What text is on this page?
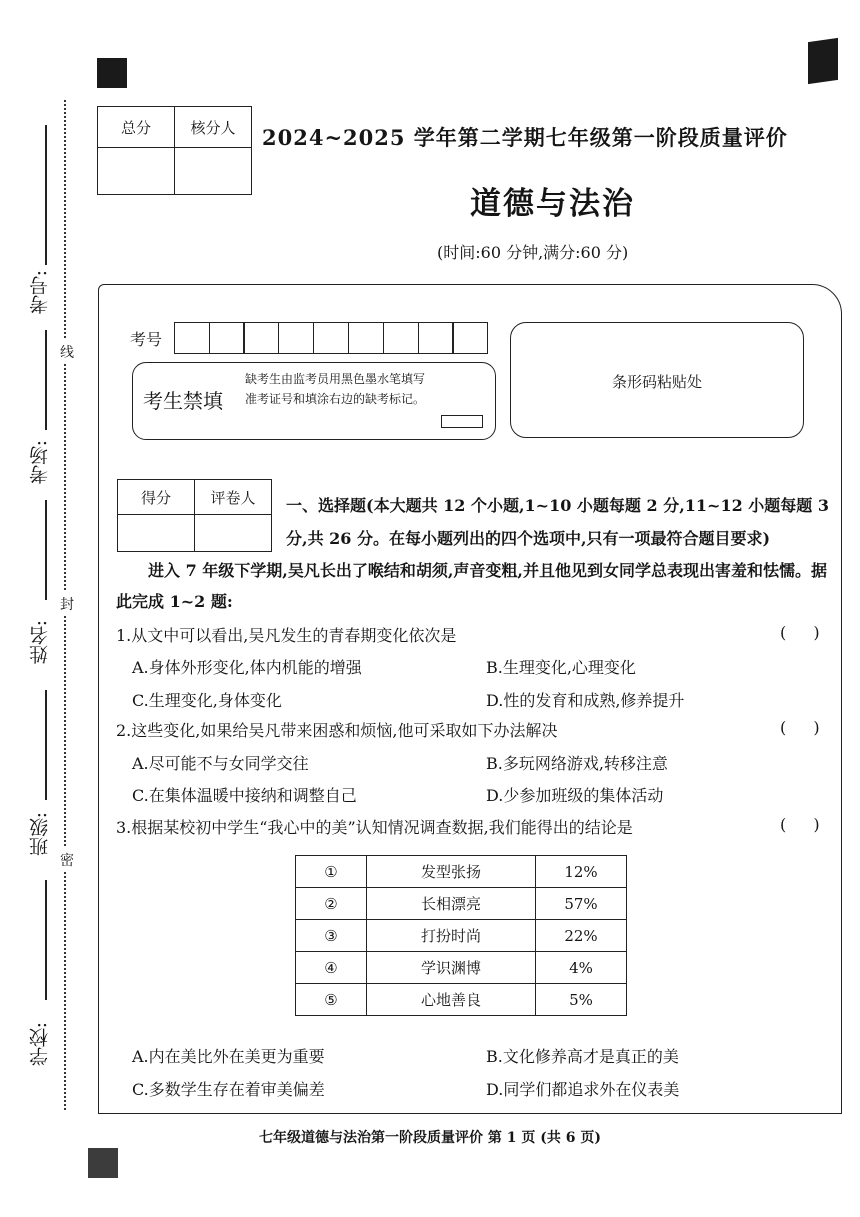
考号:
考场:
姓名:
班级:
学校:
线
封
密
总分	核分人
	2024~2025 学年第二学期七年级第一阶段质量评价
道德与法治
(时间:60 分钟,满分:60 分)
考号
考生禁填
缺考生由监考员用黑色墨水笔填写准考证号和填涂右边的缺考标记。
条形码粘贴处
得分	评卷人
	一、选择题(本大题共 12 个小题,1~10 小题每题 2 分,11~12 小题每题 3 分,共 26 分。在每小题列出的四个选项中,只有一项最符合题目要求)
进入 7 年级下学期,吴凡长出了喉结和胡须,声音变粗,并且他见到女同学总表现出害羞和怯懦。据此完成 1~2 题:
1.从文中可以看出,吴凡发生的青春期变化依次是	( )
A.身体外形变化,体内机能的增强	B.生理变化,心理变化
C.生理变化,身体变化	D.性的发育和成熟,修养提升
2.这些变化,如果给吴凡带来困惑和烦恼,他可采取如下办法解决	( )
A.尽可能不与女同学交往	B.多玩网络游戏,转移注意
C.在集体温暖中接纳和调整自己	D.少参加班级的集体活动
3.根据某校初中学生“我心中的美”认知情况调查数据,我们能得出的结论是	( )
①	发型张扬	12%
②	长相漂亮	57%
③	打扮时尚	22%
④	学识渊博	4%
⑤	心地善良	5%
A.内在美比外在美更为重要	B.文化修养高才是真正的美
C.多数学生存在着审美偏差	D.同学们都追求外在仪表美
七年级道德与法治第一阶段质量评价 第 1 页 (共 6 页)
